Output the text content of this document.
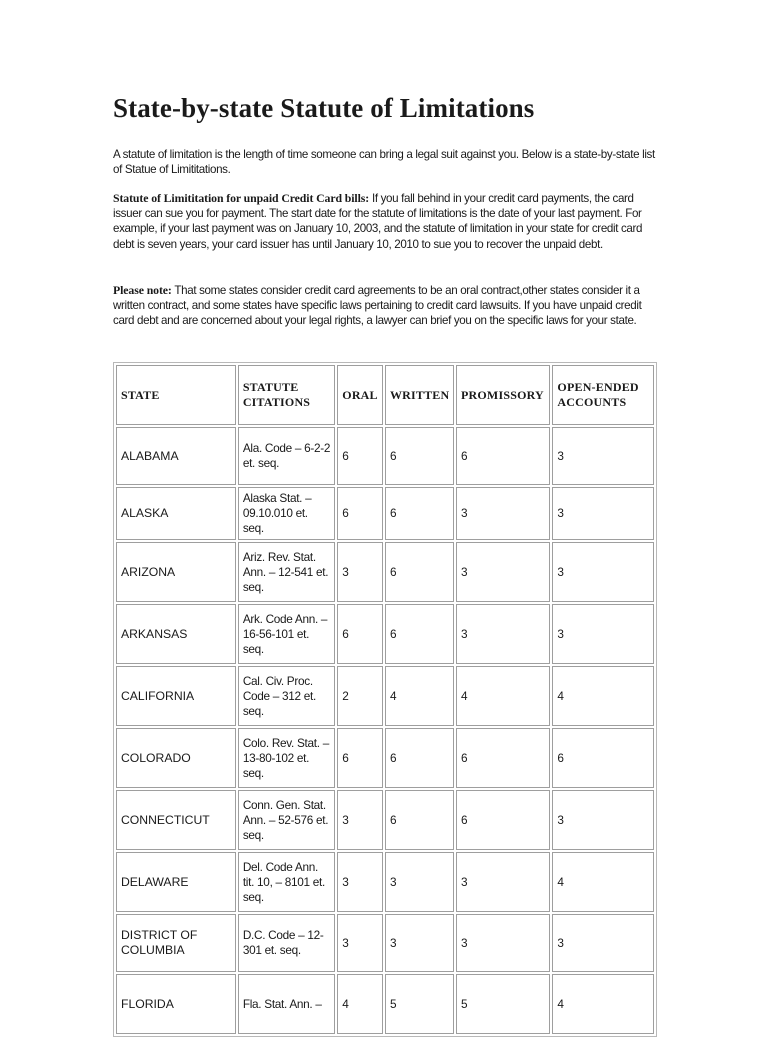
State-by-state Statute of Limitations

A statute of limitation is the length of time someone can bring a legal suit against you. Below is a state-by-state list of Statue of Limititations.

Statute of Limititation for unpaid Credit Card bills: If you fall behind in your credit card payments, the card issuer can sue you for payment. The start date for the statute of limitations is the date of your last payment. For example, if your last payment was on January 10, 2003, and the statute of limitation in your state for credit card debt is seven years, your card issuer has until January 10, 2010 to sue you to recover the unpaid debt.

Please note: That some states consider credit card agreements to be an oral contract,other states consider it a written contract, and some states have specific laws pertaining to credit card lawsuits. If you have unpaid credit card debt and are concerned about your legal rights, a lawyer can brief you on the specific laws for your state.

STATE	STATUTE CITATIONS	ORAL	WRITTEN	PROMISSORY	OPEN-ENDED ACCOUNTS
ALABAMA	Ala. Code – 6-2-2 et. seq.	6	6	6	3
ALASKA	Alaska Stat. – 09.10.010 et. seq.	6	6	3	3
ARIZONA	Ariz. Rev. Stat. Ann. – 12-541 et. seq.	3	6	3	3
ARKANSAS	Ark. Code Ann. – 16-56-101 et. seq.	6	6	3	3
CALIFORNIA	Cal. Civ. Proc. Code – 312 et. seq.	2	4	4	4
COLORADO	Colo. Rev. Stat. – 13-80-102 et. seq.	6	6	6	6
CONNECTICUT	Conn. Gen. Stat. Ann. – 52-576 et. seq.	3	6	6	3
DELAWARE	Del. Code Ann. tit. 10, – 8101 et. seq.	3	3	3	4
DISTRICT OF COLUMBIA	D.C. Code – 12-301 et. seq.	3	3	3	3
FLORIDA	Fla. Stat. Ann. –	4	5	5	4
